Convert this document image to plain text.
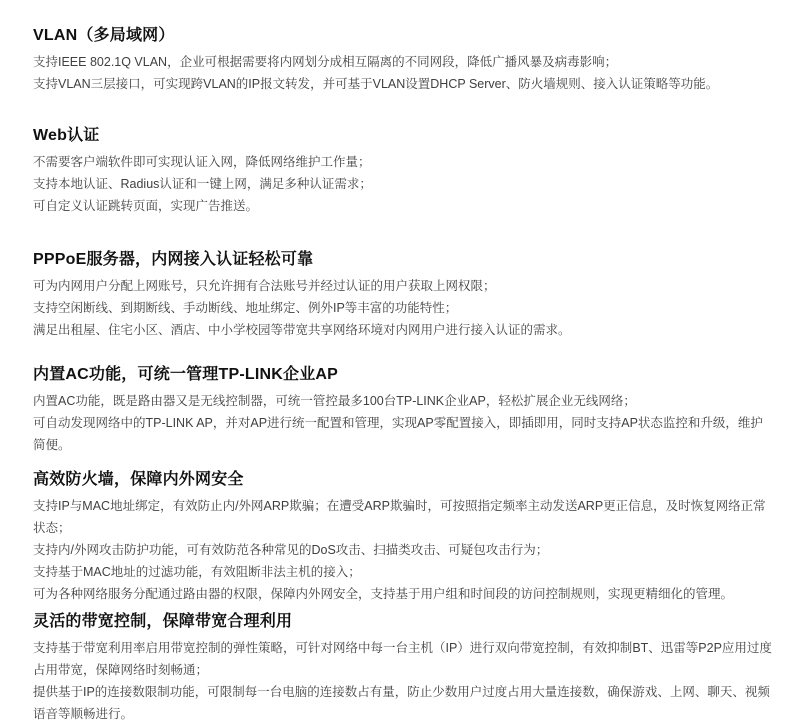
VLAN（多局域网）

支持IEEE 802.1Q VLAN，企业可根据需要将内网划分成相互隔离的不同网段，降低广播风暴及病毒影响；

支持VLAN三层接口，可实现跨VLAN的IP报文转发，并可基于VLAN设置DHCP Server、防火墙规则、接入认证策略等功能。

Web认证

不需要客户端软件即可实现认证入网，降低网络维护工作量；

支持本地认证、Radius认证和一键上网，满足多种认证需求；

可自定义认证跳转页面，实现广告推送。

PPPoE服务器，内网接入认证轻松可靠

可为内网用户分配上网账号，只允许拥有合法账号并经过认证的用户获取上网权限；

支持空闲断线、到期断线、手动断线、地址绑定、例外IP等丰富的功能特性；

满足出租屋、住宅小区、酒店、中小学校园等带宽共享网络环境对内网用户进行接入认证的需求。

内置AC功能，可统一管理TP-LINK企业AP

内置AC功能，既是路由器又是无线控制器，可统一管控最多100台TP-LINK企业AP，轻松扩展企业无线网络；

可自动发现网络中的TP-LINK AP，并对AP进行统一配置和管理，实现AP零配置接入，即插即用，同时支持AP状态监控和升级，维护简便。

高效防火墙，保障内外网安全

支持IP与MAC地址绑定，有效防止内/外网ARP欺骗；在遭受ARP欺骗时，可按照指定频率主动发送ARP更正信息，及时恢复网络正常状态；

支持内/外网攻击防护功能，可有效防范各种常见的DoS攻击、扫描类攻击、可疑包攻击行为；

支持基于MAC地址的过滤功能，有效阻断非法主机的接入；

可为各种网络服务分配通过路由器的权限，保障内外网安全，支持基于用户组和时间段的访问控制规则，实现更精细化的管理。

灵活的带宽控制，保障带宽合理利用

支持基于带宽利用率启用带宽控制的弹性策略，可针对网络中每一台主机（IP）进行双向带宽控制，有效抑制BT、迅雷等P2P应用过度占用带宽，保障网络时刻畅通；

提供基于IP的连接数限制功能，可限制每一台电脑的连接数占有量，防止少数用户过度占用大量连接数，确保游戏、上网、聊天、视频语音等顺畅进行。
